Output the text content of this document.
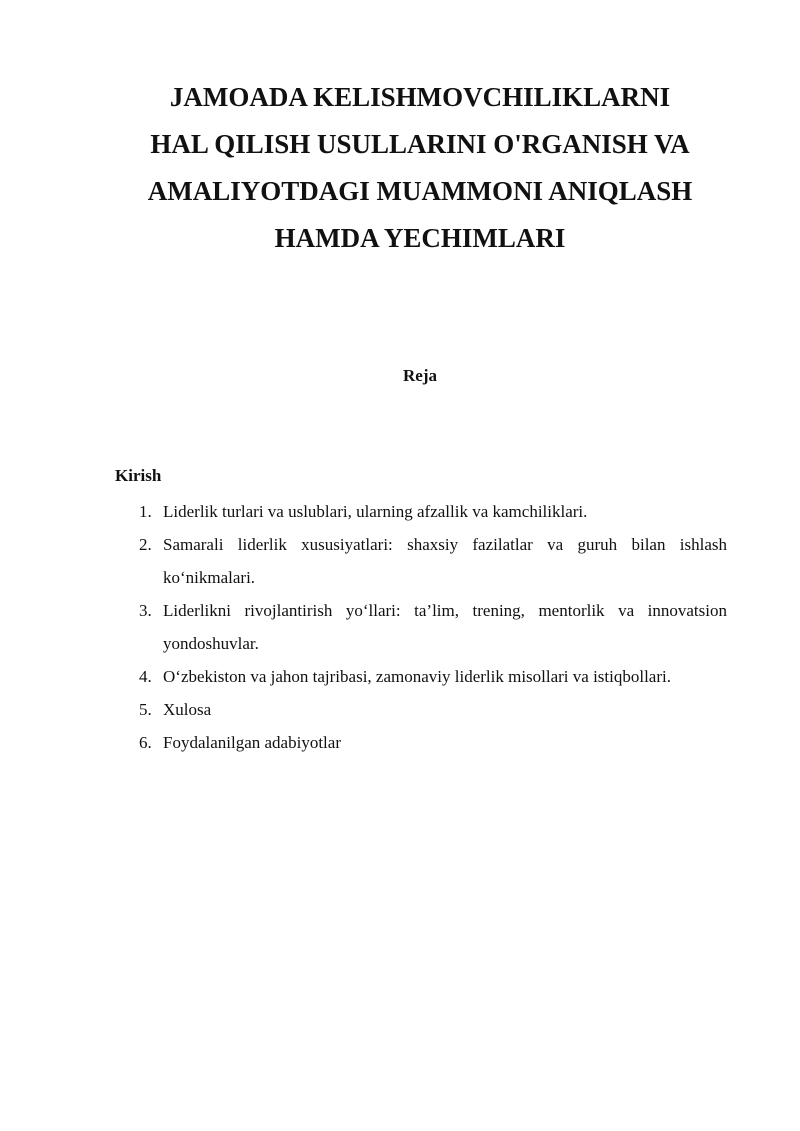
JAMOADA KELISHMOVCHILIKLARNI
HAL QILISH USULLARINI O'RGANISH VA
AMALIYOTDAGI MUAMMONI ANIQLASH
HAMDA YECHIMLARI

Reja

Kirish

1. Liderlik turlari va uslublari, ularning afzallik va kamchiliklari.
2. Samarali liderlik xususiyatlari: shaxsiy fazilatlar va guruh bilan ishlash ko‘nikmalari.
3. Liderlikni rivojlantirish yo‘llari: ta’lim, trening, mentorlik va innovatsion yondoshuvlar.
4. O‘zbekiston va jahon tajribasi, zamonaviy liderlik misollari va istiqbollari.
5. Xulosa
6. Foydalanilgan adabiyotlar
